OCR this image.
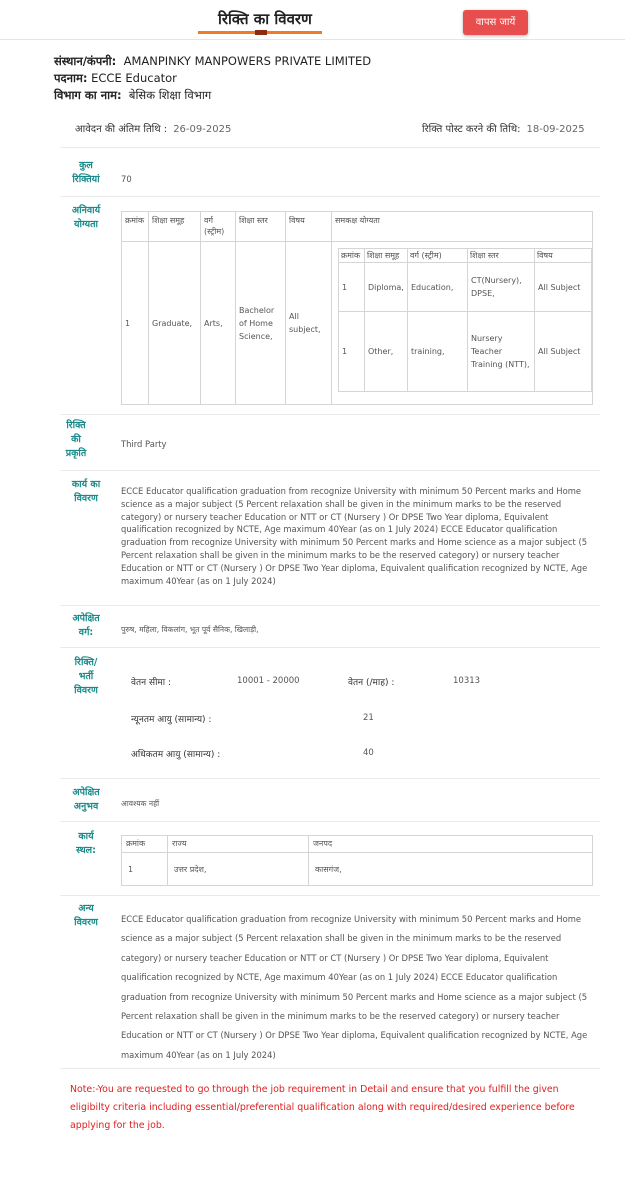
रिक्ति का विवरण	वापस जायें
संस्थान/कंपनी: AMANPINKY MANPOWERS PRIVATE LIMITED
पदनाम: ECCE Educator
विभाग का नाम: बेसिक शिक्षा विभाग
आवेदन की अंतिम तिथि : 26-09-2025	रिक्ति पोस्ट करने की तिथि: 18-09-2025
कुल
रिक्तियां	70
अनिवार्य
योग्यता	क्रमांक	शिक्षा समूह	वर्ग (स्ट्रीम)	शिक्षा स्तर	विषय	समकक्ष योग्यता
1	Graduate,	Arts,	Bachelor of Home Science,	All subject,	
क्रमांक	शिक्षा समूह	वर्ग (स्ट्रीम)	शिक्षा स्तर	विषय
1	Diploma,	Education,	CT(Nursery), DPSE,	All Subject
1	Other,	training,	Nursery Teacher Training (NTT),	All Subject
रिक्ति
की
प्रकृति
Third Party
कार्य का
विवरण
ECCE Educator qualification graduation from recognize University with minimum 50 Percent marks and Home
science as a major subject (5 Percent relaxation shall be given in the minimum marks to be the reserved
category) or nursery teacher Education or NTT or CT (Nursery ) Or DPSE Two Year diploma, Equivalent
qualification recognized by NCTE, Age maximum 40Year (as on 1 July 2024) ECCE Educator qualification
graduation from recognize University with minimum 50 Percent marks and Home science as a major subject (5
Percent relaxation shall be given in the minimum marks to be the reserved category) or nursery teacher
Education or NTT or CT (Nursery ) Or DPSE Two Year diploma, Equivalent qualification recognized by NCTE, Age
maximum 40Year (as on 1 July 2024)
अपेक्षित
वर्ग:	पुरुष, महिला, विकलांग, भूत पूर्व सैनिक, खिलाड़ी,
रिक्ति/
भर्ती
विवरण
वेतन सीमा :	10001 - 20000	वेतन (/माह) :	10313
न्यूनतम आयु (सामान्य) :	21
अधिकतम आयु (सामान्य) :	40
अपेक्षित
अनुभव	आवश्यक नहीं
कार्य
स्थल:
क्रमांक	राज्य	जनपद
1	उत्तर प्रदेश,	कासगंज,
अन्य
विवरण	ECCE Educator qualification graduation from recognize University with minimum 50 Percent marks and Home
science as a major subject (5 Percent relaxation shall be given in the minimum marks to be the reserved
category) or nursery teacher Education or NTT or CT (Nursery ) Or DPSE Two Year diploma, Equivalent
qualification recognized by NCTE, Age maximum 40Year (as on 1 July 2024) ECCE Educator qualification
graduation from recognize University with minimum 50 Percent marks and Home science as a major subject (5
Percent relaxation shall be given in the minimum marks to be the reserved category) or nursery teacher
Education or NTT or CT (Nursery ) Or DPSE Two Year diploma, Equivalent qualification recognized by NCTE, Age
maximum 40Year (as on 1 July 2024)
Note:-You are requested to go through the job requirement in Detail and ensure that you fulfill the given
eligibilty criteria including essential/preferential qualification along with required/desired experience before
applying for the job.
